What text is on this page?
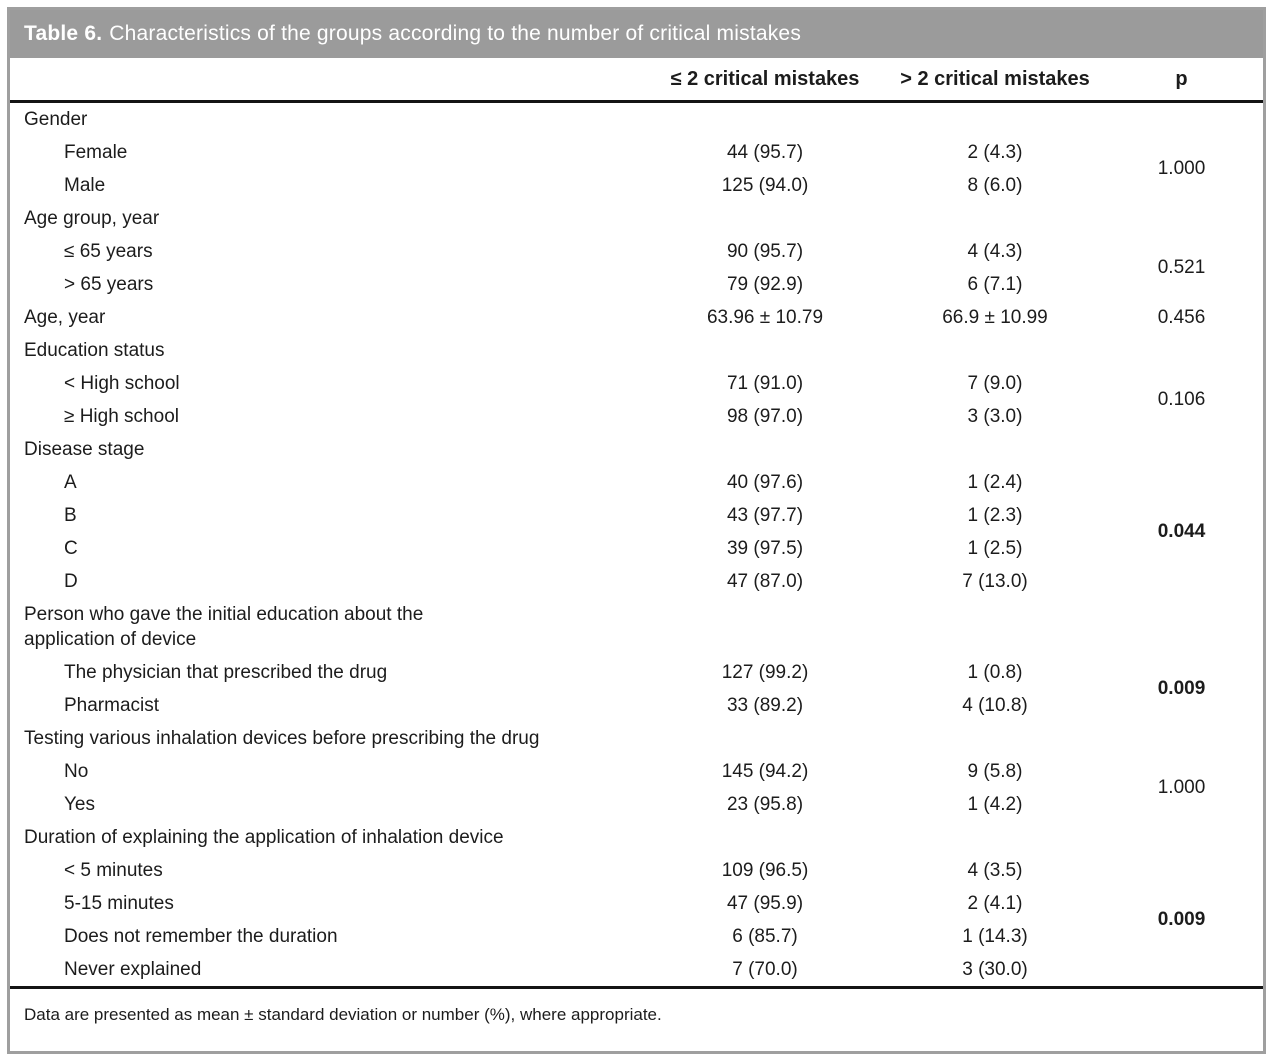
Table 6. Characteristics of the groups according to the number of critical mistakes
	≤ 2 critical mistakes	> 2 critical mistakes	p
Gender			
Female	44 (95.7)	2 (4.3)	1.000
Male	125 (94.0)	8 (6.0)	
Age group, year			
≤ 65 years	90 (95.7)	4 (4.3)	0.521
> 65 years	79 (92.9)	6 (7.1)	
Age, year	63.96 ± 10.79	66.9 ± 10.99	0.456
Education status			
< High school	71 (91.0)	7 (9.0)	0.106
≥ High school	98 (97.0)	3 (3.0)	
Disease stage			
A	40 (97.6)	1 (2.4)	0.044
B	43 (97.7)	1 (2.3)	
C	39 (97.5)	1 (2.5)	
D	47 (87.0)	7 (13.0)	
Person who gave the initial education about the application of device			
The physician that prescribed the drug	127 (99.2)	1 (0.8)	0.009
Pharmacist	33 (89.2)	4 (10.8)	
Testing various inhalation devices before prescribing the drug			
No	145 (94.2)	9 (5.8)	1.000
Yes	23 (95.8)	1 (4.2)	
Duration of explaining the application of inhalation device			
< 5 minutes	109 (96.5)	4 (3.5)	0.009
5-15 minutes	47 (95.9)	2 (4.1)	
Does not remember the duration	6 (85.7)	1 (14.3)	
Never explained	7 (70.0)	3 (30.0)	
Data are presented as mean ± standard deviation or number (%), where appropriate.
